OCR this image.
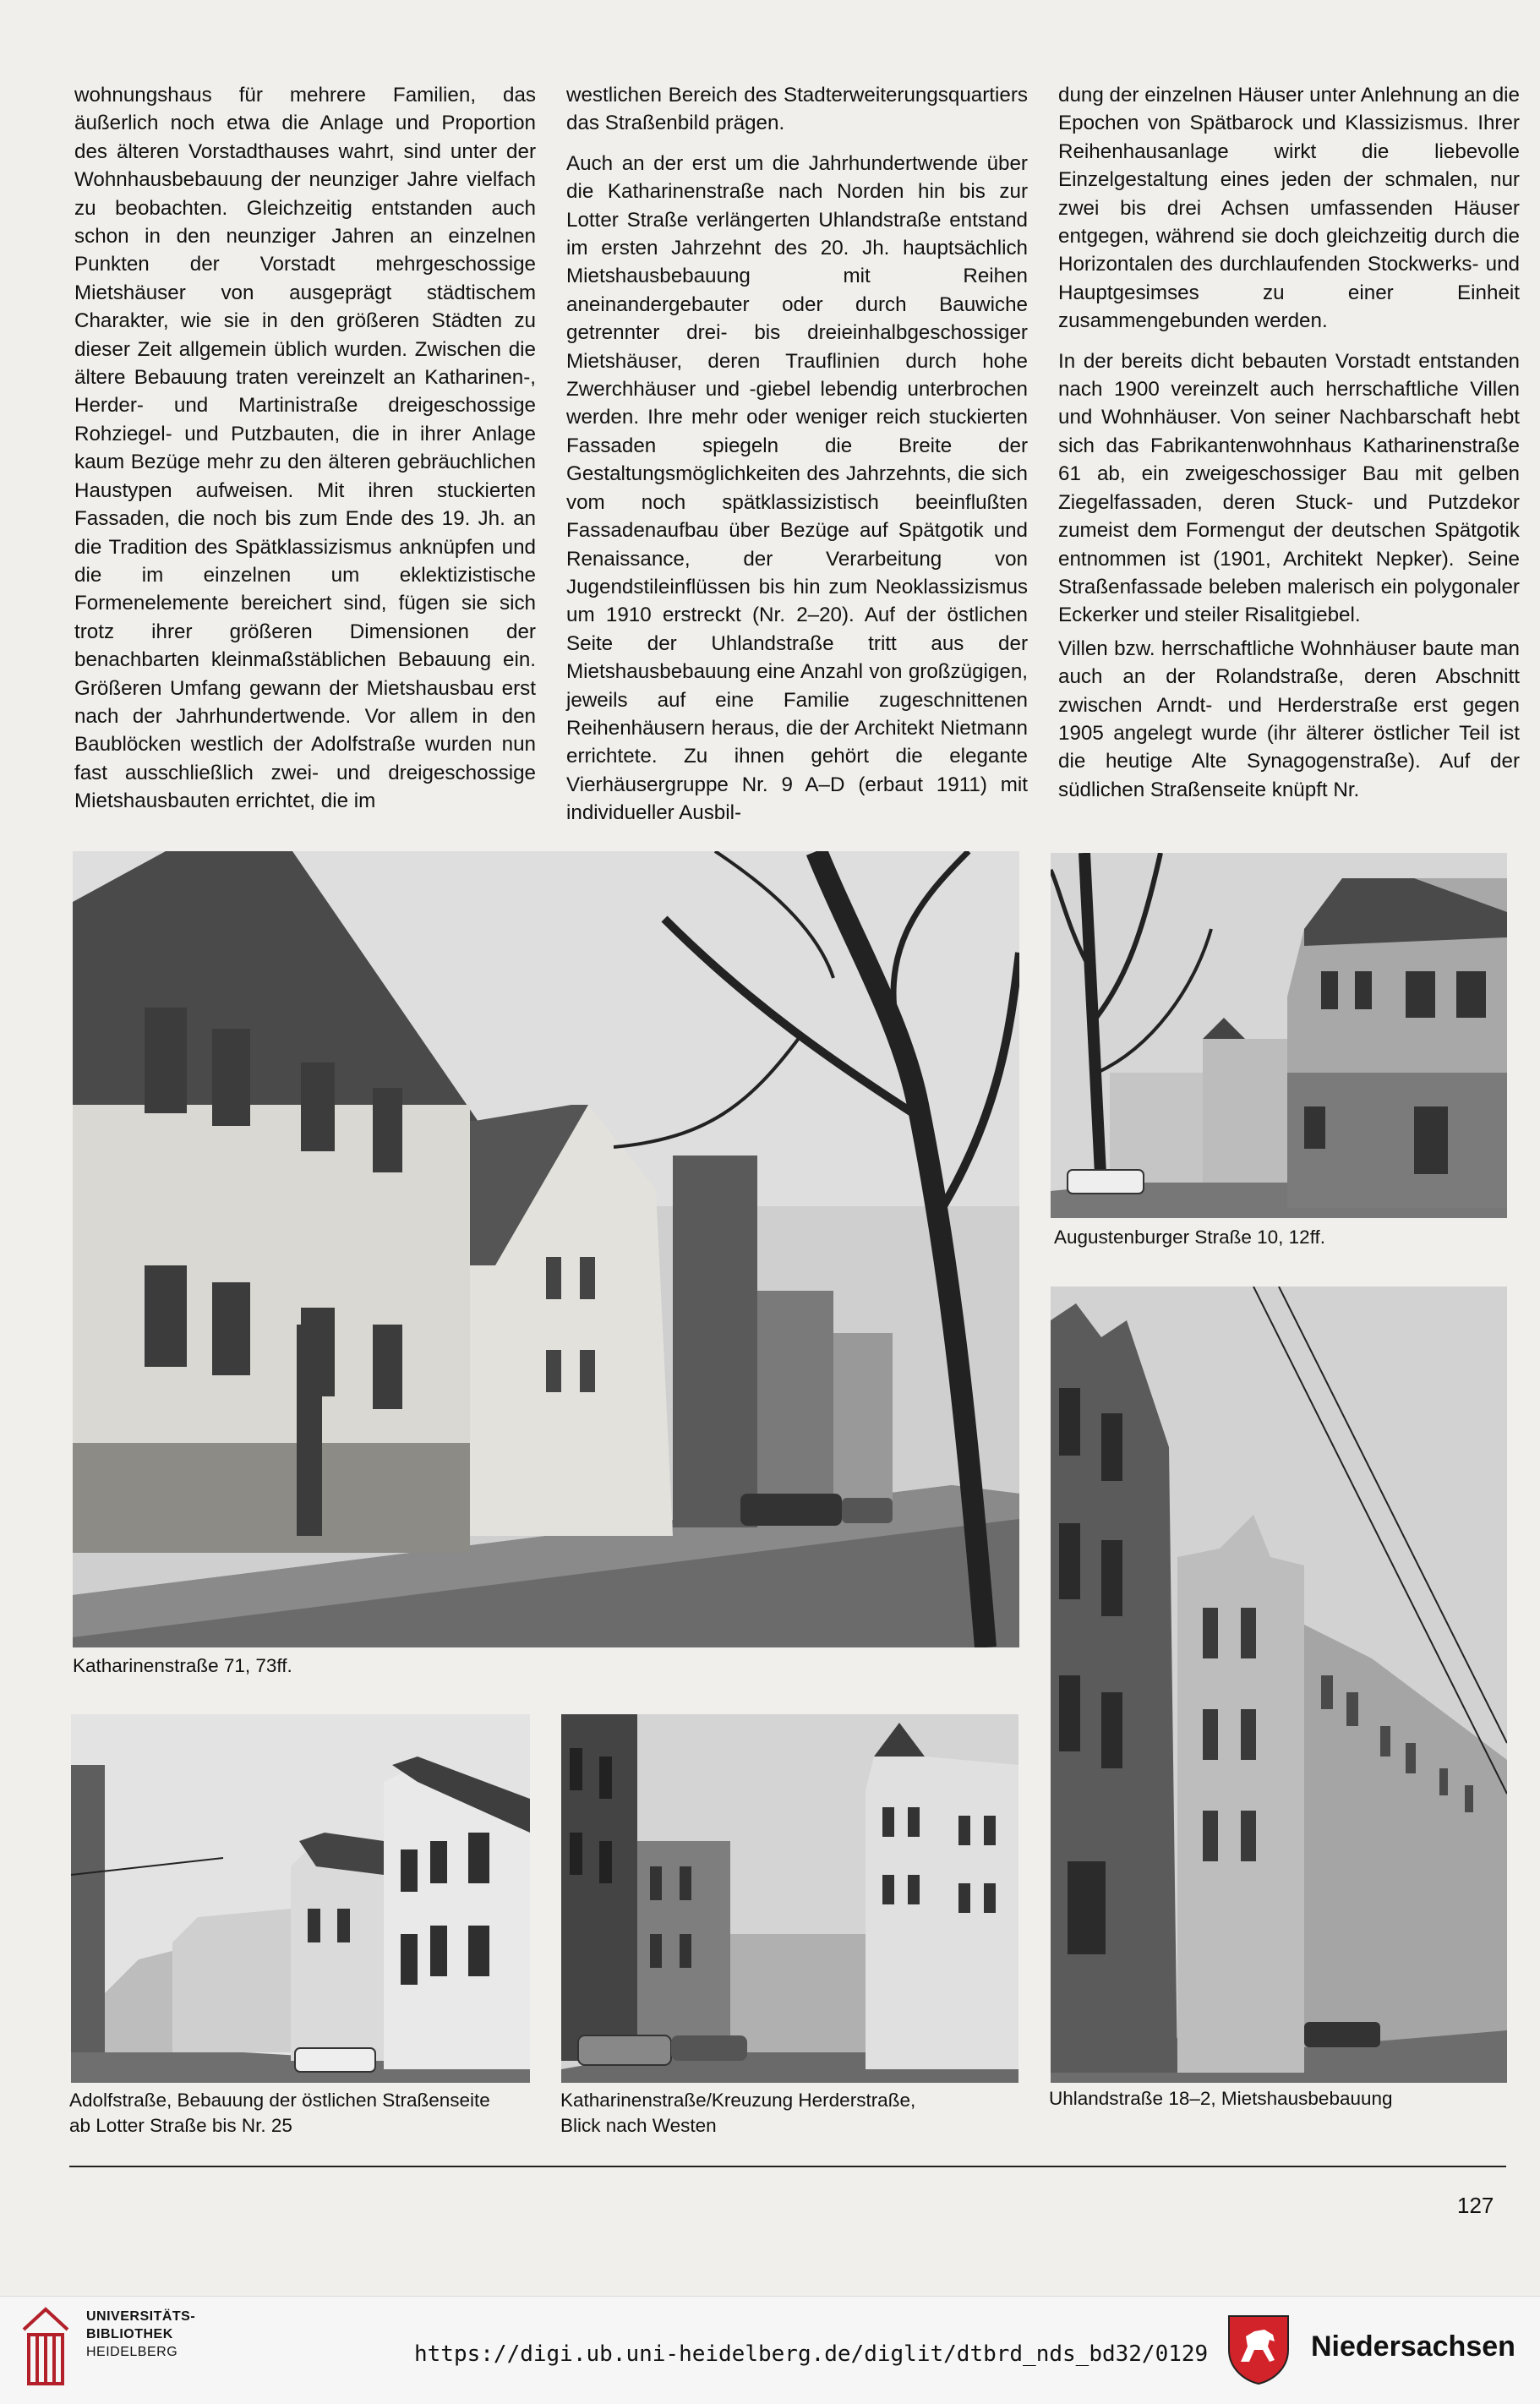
wohnungshaus für mehrere Familien, das äußerlich noch etwa die Anlage und Proportion des älteren Vorstadthauses wahrt, sind unter der Wohnhausbebauung der neunziger Jahre vielfach zu beobachten. Gleichzeitig entstanden auch schon in den neunziger Jahren an einzelnen Punkten der Vorstadt mehrgeschossige Mietshäuser von ausgeprägt städtischem Charakter, wie sie in den größeren Städten zu dieser Zeit allgemein üblich wurden. Zwischen die ältere Bebauung traten vereinzelt an Katharinen-, Herder- und Martinistraße dreigeschossige Rohziegel- und Putzbauten, die in ihrer Anlage kaum Bezüge mehr zu den älteren gebräuchlichen Haustypen aufweisen. Mit ihren stuckierten Fassaden, die noch bis zum Ende des 19. Jh. an die Tradition des Spätklassizismus anknüpfen und die im einzelnen um eklektizistische Formenelemente bereichert sind, fügen sie sich trotz ihrer größeren Dimensionen der benachbarten kleinmaßstäblichen Bebauung ein. Größeren Umfang gewann der Mietshausbau erst nach der Jahrhundertwende. Vor allem in den Baublöcken westlich der Adolfstraße wurden nun fast ausschließlich zwei- und dreigeschossige Mietshausbauten errichtet, die im

westlichen Bereich des Stadterweiterungsquartiers das Straßenbild prägen.

Auch an der erst um die Jahrhundertwende über die Katharinenstraße nach Norden hin bis zur Lotter Straße verlängerten Uhlandstraße entstand im ersten Jahrzehnt des 20. Jh. hauptsächlich Mietshausbebauung mit Reihen aneinandergebauter oder durch Bauwiche getrennter drei- bis dreieinhalbgeschossiger Mietshäuser, deren Trauflinien durch hohe Zwerchhäuser und -giebel lebendig unterbrochen werden. Ihre mehr oder weniger reich stuckierten Fassaden spiegeln die Breite der Gestaltungsmöglichkeiten des Jahrzehnts, die sich vom noch spätklassizistisch beeinflußten Fassadenaufbau über Bezüge auf Spätgotik und Renaissance, der Verarbeitung von Jugendstileinflüssen bis hin zum Neoklassizismus um 1910 erstreckt (Nr. 2–20). Auf der östlichen Seite der Uhlandstraße tritt aus der Mietshausbebauung eine Anzahl von großzügigen, jeweils auf eine Familie zugeschnittenen Reihenhäusern heraus, die der Architekt Nietmann errichtete. Zu ihnen gehört die elegante Vierhäusergruppe Nr. 9 A–D (erbaut 1911) mit individueller Ausbil-

dung der einzelnen Häuser unter Anlehnung an die Epochen von Spätbarock und Klassizismus. Ihrer Reihenhausanlage wirkt die liebevolle Einzelgestaltung eines jeden der schmalen, nur zwei bis drei Achsen umfassenden Häuser entgegen, während sie doch gleichzeitig durch die Horizontalen des durchlaufenden Stockwerks- und Hauptgesimses zu einer Einheit zusammengebunden werden.

In der bereits dicht bebauten Vorstadt entstanden nach 1900 vereinzelt auch herrschaftliche Villen und Wohnhäuser. Von seiner Nachbarschaft hebt sich das Fabrikantenwohnhaus Katharinenstraße 61 ab, ein zweigeschossiger Bau mit gelben Ziegelfassaden, deren Stuck- und Putzdekor zumeist dem Formengut der deutschen Spätgotik entnommen ist (1901, Architekt Nepker). Seine Straßenfassade beleben malerisch ein polygonaler Eckerker und steiler Risalitgiebel.

Villen bzw. herrschaftliche Wohnhäuser baute man auch an der Rolandstraße, deren Abschnitt zwischen Arndt- und Herderstraße erst gegen 1905 angelegt wurde (ihr älterer östlicher Teil ist die heutige Alte Synagogenstraße). Auf der südlichen Straßenseite knüpft Nr.

Katharinenstraße 71, 73ff.
Augustenburger Straße 10, 12ff.
Uhlandstraße 18–2, Mietshausbebauung
Adolfstraße, Bebauung der östlichen Straßenseite
ab Lotter Straße bis Nr. 25
Katharinenstraße/Kreuzung Herderstraße,
Blick nach Westen
127
UNIVERSITÄTS-
BIBLIOTHEK
HEIDELBERG	https://digi.ub.uni-heidelberg.de/diglit/dtbrd_nds_bd32/0129	Niedersachsen
